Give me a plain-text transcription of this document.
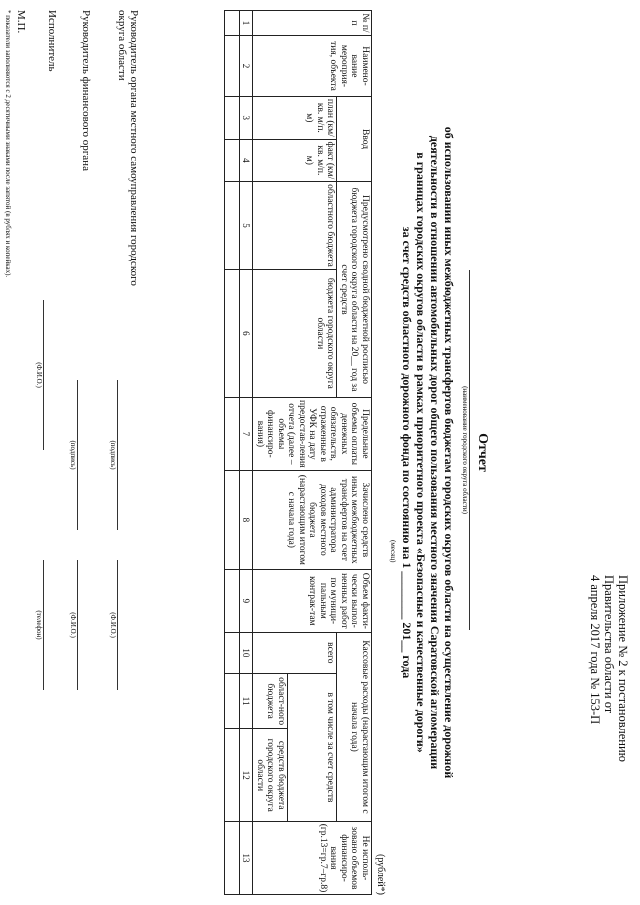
Приложение № 2 к постановлению
Правительства области от
4 апреля 2017 года № 153-П
Отчет
(наименование городского округа области)
об использовании иных межбюджетных трансфертов бюджетам городских округов области на осуществление дорожной
деятельности в отношении автомобильных дорог общего пользования местного значения Саратовской агломерации
в границах городских округов области в рамках приоритетного проекта «Безопасные и качественные дороги»
за счет средств областного дорожного фонда по состоянию на 1 ________ 201__ года
(месяц)
(рублей*)
№ п/п	Наимено-вание мероприя-тия, объекта	Ввод		Предусмотрено сводной бюджетной росписью бюджета городского округа области на 20__ год за счет средств		Предельные объемы оплаты денежных обязательств, отраженные в УФК на дату предостав-ления отчета (далее – объемы финансиро-вания)	Зачислено средств иных межбюджетных трансфертов на счет администратора доходов местного бюджета (нарастающим итогом с начала года)	Объем факти-чески выпол-ненных работ по муници-пальным контрак-там	Кассовые расходы (нарастающим итогом с начала года)			Не исполь-зовано объемов финансиро-вания (гр.13=гр.7–гр.8)
		план (км/кв. м/п. м)	факт (км/кв. м/п. м)	областного бюджета	бюджета городского округа области				всего	в том числе за счет средств		
										област-ного бюджета	средств бюджета городского округа области	
1	2	3	4	5	6	7	8	9	10	11	12	13

Руководитель органа местного самоуправления городского округа области
(подпись)
(Ф.И.О.)
Руководитель финансового органа
(подпись)
(Ф.И.О.)
Исполнитель
(Ф.И.О.)
(телефон)
М.П.
* показатели заполняются с 2 десятичными знаками после запятой (в рублях и копейках).
